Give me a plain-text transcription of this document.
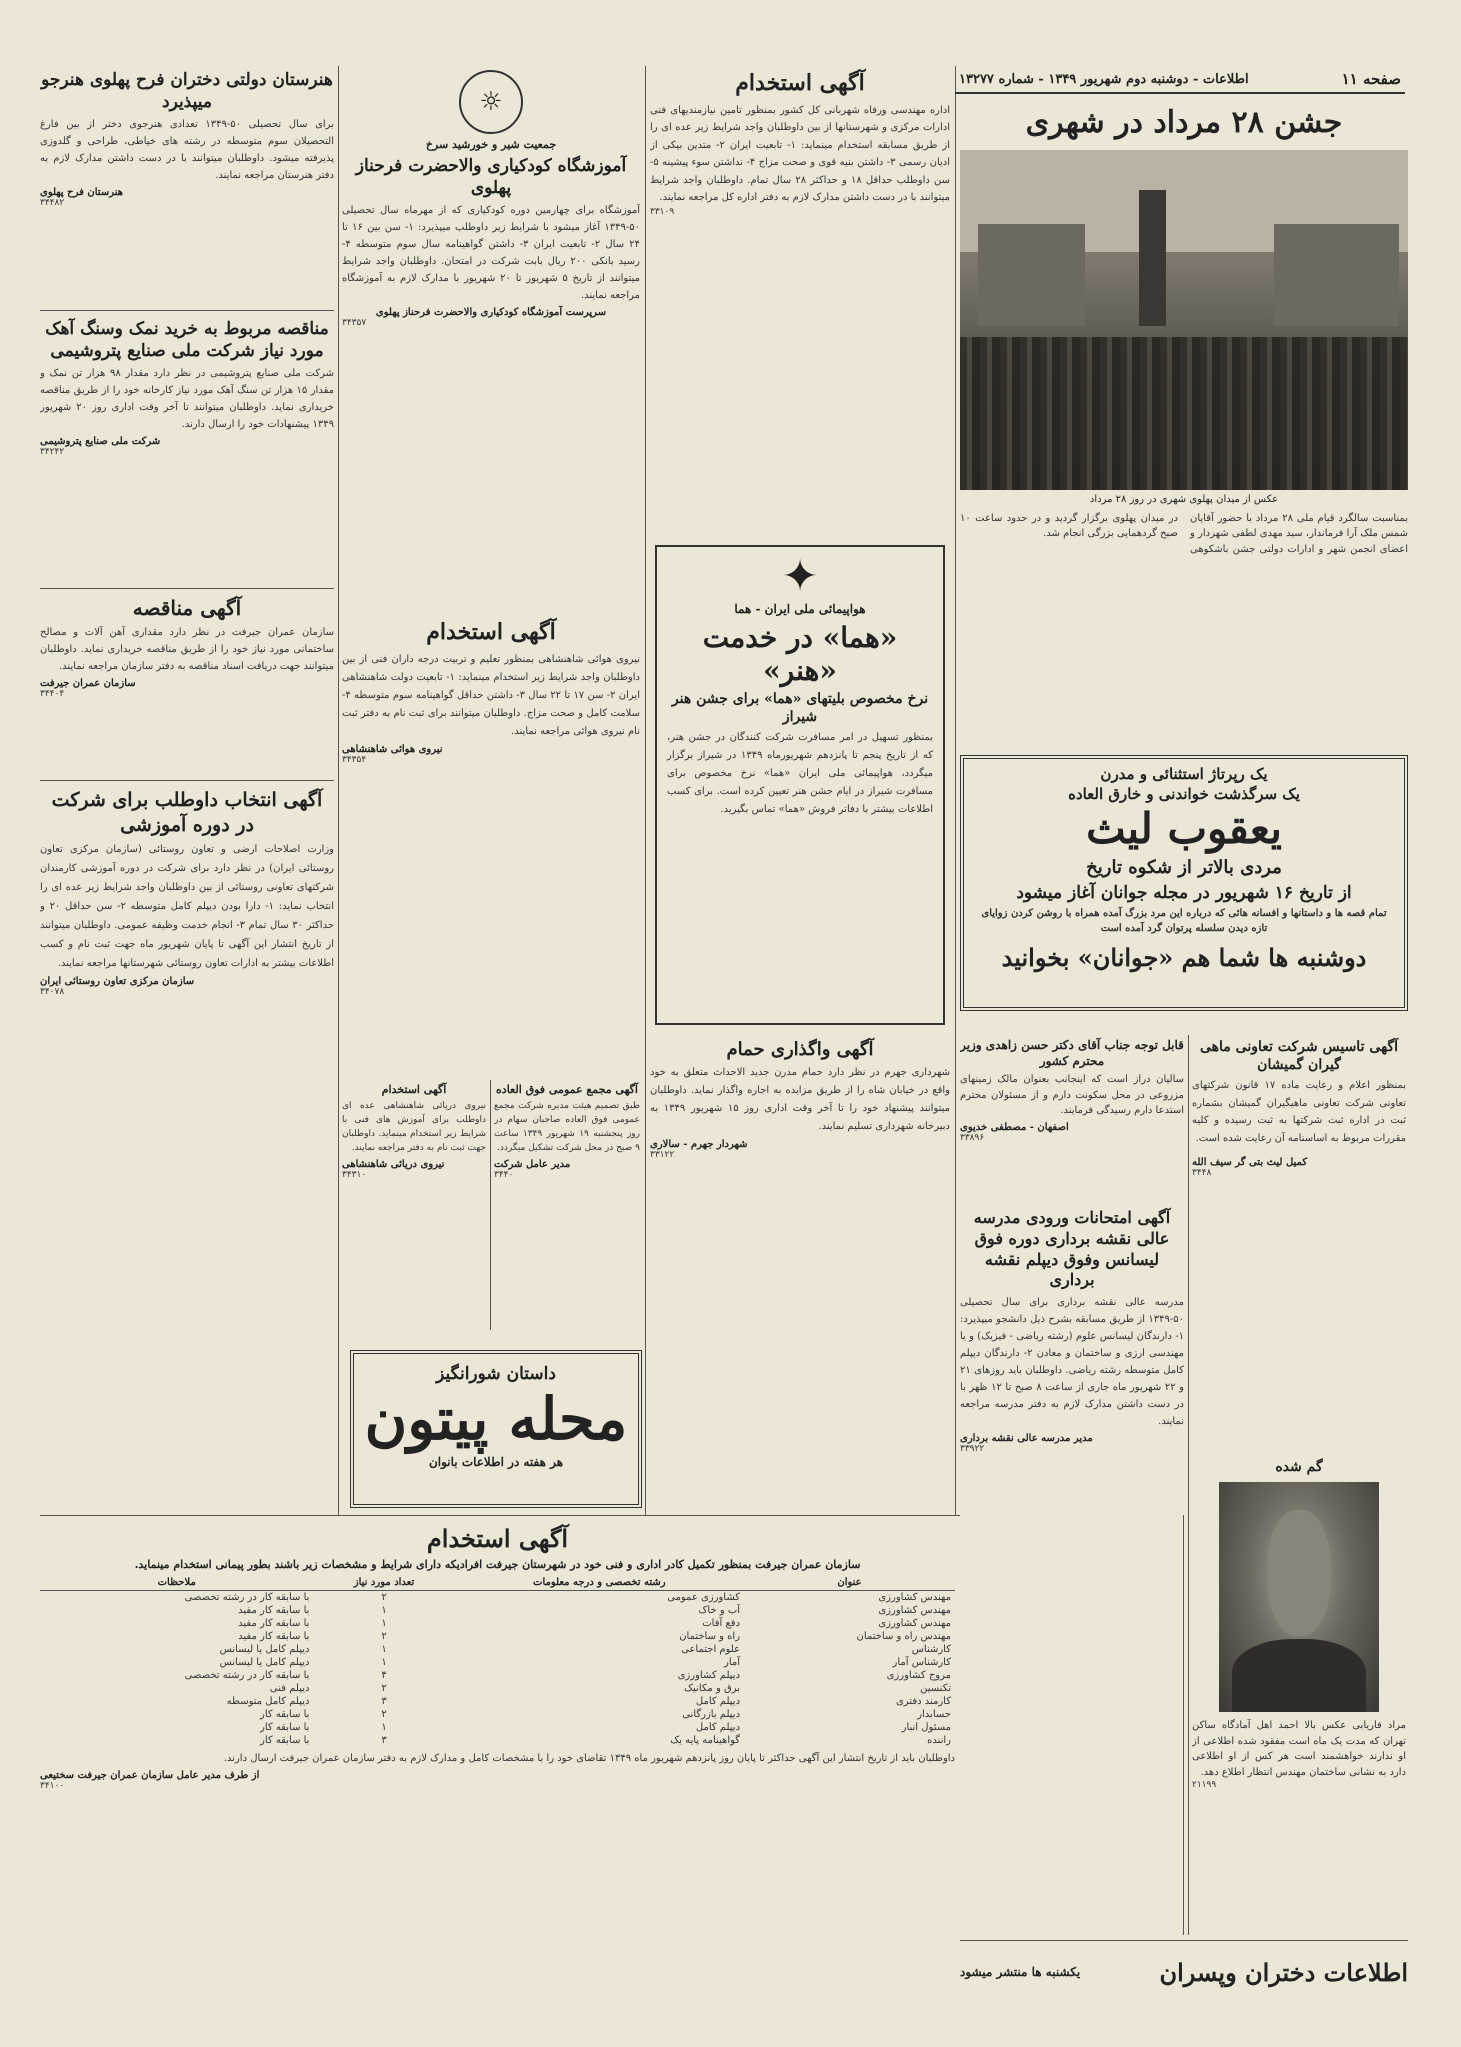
صفحه ۱۱
اطلاعات - دوشنبه دوم شهریور ۱۳۴۹ - شماره ۱۳۲۷۷
جشن ۲۸ مرداد در شهری
عکس از میدان پهلوی شهری در روز ۲۸ مرداد
بمناسبت سالگرد قیام ملی ۲۸ مرداد با حضور آقایان شمس ملک آرا فرماندار، سید مهدی لطفی شهردار و اعضای انجمن شهر و ادارات دولتی جشن باشکوهی در میدان پهلوی برگزار گردید و در حدود ساعت ۱۰ صبح گردهمایی بزرگی انجام شد.
یک رپرتاژ استثنائی و مدرن
یک سرگذشت خواندنی و خارق العاده
یعقوب لیث
مردی بالاتر از شکوه تاریخ
از تاریخ ۱۶ شهریور در مجله جوانان آغاز میشود
تمام قصه ها و داستانها و افسانه هائی که درباره این مرد بزرگ آمده همراه با روشن کردن زوایای تازه دیدن سلسله پرتوان گرد آمده است
دوشنبه ها شما هم «جوانان» بخوانید
آگهی تاسیس شرکت تعاونی ماهی گیران گمیشان
بمنظور اعلام و رعایت ماده ۱۷ قانون شرکتهای تعاونی شرکت تعاونی ماهیگیران گمیشان بشماره ثبت در اداره ثبت شرکتها به ثبت رسیده و کلیه مقررات مربوط به اساسنامه آن رعایت شده است.
کمیل لیث بتی گر سیف الله
۳۴۴۸
گم شده
مراد فاریابی عکس بالا احمد اهل آمادگاه ساکن تهران که مدت یک ماه است مفقود شده اطلاعی از او ندارند خواهشمند است هر کس از او اطلاعی دارد به نشانی ساختمان مهندس انتظار اطلاع دهد.
۲۱۱۹۹
قابل توجه جناب آقای دکتر حسن زاهدی وزیر محترم کشور
سالیان دراز است که اینجانب بعنوان مالک زمینهای مزروعی در محل سکونت دارم و از مسئولان محترم استدعا دارم رسیدگی فرمایند.
اصفهان - مصطفی خدیوی
۳۳۸۹۶
آگهی امتحانات ورودی مدرسه عالی نقشه برداری دوره فوق لیسانس وفوق دیپلم نقشه برداری
مدرسه عالی نقشه برداری برای سال تحصیلی ۵۰-۱۳۴۹ از طریق مسابقه بشرح ذیل دانشجو میپذیرد: ۱- دارندگان لیسانس علوم (رشته ریاضی - فیزیک) و یا مهندسی ارزی و ساختمان و معادن ۲- دارندگان دیپلم کامل متوسطه رشته ریاضی. داوطلبان باید روزهای ۲۱ و ۲۲ شهریور ماه جاری از ساعت ۸ صبح تا ۱۲ ظهر با در دست داشتن مدارک لازم به دفتر مدرسه مراجعه نمایند.
مدیر مدرسه عالی نقشه برداری
۳۳۹۲۲
آگهی استخدام
اداره مهندسی ورفاه شهربانی کل کشور بمنظور تامین نیازمندیهای فنی ادارات مرکزی و شهرستانها از بین داوطلبان واجد شرایط زیر عده ای را از طریق مسابقه استخدام مینماید: ۱- تابعیت ایران ۲- متدین بیکی از ادیان رسمی ۳- داشتن بنیه قوی و صحت مزاج ۴- نداشتن سوء پیشینه ۵- سن داوطلب حداقل ۱۸ و حداکثر ۲۸ سال تمام. داوطلبان واجد شرایط میتوانند با در دست داشتن مدارک لازم به دفتر اداره کل مراجعه نمایند.
۳۳۱۰۹
✦
هواپیمائی ملی ایران - هما
«هما» در خدمت «هنر»
نرخ مخصوص بلیتهای «هما» برای جشن هنر شیراز
بمنظور تسهیل در امر مسافرت شرکت کنندگان در جشن هنر، که از تاریخ پنجم تا پانزدهم شهریورماه ۱۳۴۹ در شیراز برگزار میگردد، هواپیمائی ملی ایران «هما» نرخ مخصوص برای مسافرت شیراز در ایام جشن هنر تعیین کرده است. برای کسب اطلاعات بیشتر با دفاتر فروش «هما» تماس بگیرید.
آگهی واگذاری حمام
شهرداری جهرم در نظر دارد حمام مدرن جدید الاحداث متعلق به خود واقع در خیابان شاه را از طریق مزایده به اجاره واگذار نماید. داوطلبان میتوانند پیشنهاد خود را تا آخر وقت اداری روز ۱۵ شهریور ۱۳۴۹ به دبیرخانه شهرداری تسلیم نمایند.
شهردار جهرم - سالاری
۳۳۱۲۲
☼
جمعیت شیر و خورشید سرخ
آموزشگاه کودکیاری والاحضرت فرحناز پهلوی
آموزشگاه برای چهارمین دوره کودکیاری که از مهرماه سال تحصیلی ۵۰-۱۳۴۹ آغاز میشود با شرایط زیر داوطلب میپذیرد: ۱- سن بین ۱۶ تا ۲۴ سال ۲- تابعیت ایران ۳- داشتن گواهینامه سال سوم متوسطه ۴- رسید بانکی ۲۰۰ ریال بابت شرکت در امتحان. داوطلبان واجد شرایط میتوانند از تاریخ ۵ شهریور تا ۲۰ شهریور با مدارک لازم به آموزشگاه مراجعه نمایند.
سرپرست آموزشگاه کودکیاری والاحضرت فرحناز پهلوی
۳۴۳۵۷
آگهی استخدام
نیروی هوائی شاهنشاهی بمنظور تعلیم و تربیت درجه داران فنی از بین داوطلبان واجد شرایط زیر استخدام مینماید: ۱- تابعیت دولت شاهنشاهی ایران ۲- سن ۱۷ تا ۲۲ سال ۳- داشتن حداقل گواهینامه سوم متوسطه ۴- سلامت کامل و صحت مزاج. داوطلبان میتوانند برای ثبت نام به دفتر ثبت نام نیروی هوائی مراجعه نمایند.
نیروی هوائی شاهنشاهی
۳۴۳۵۴
آگهی مجمع عمومی فوق العاده
طبق تصمیم هیئت مدیره شرکت مجمع عمومی فوق العاده صاحبان سهام در روز پنجشنبه ۱۹ شهریور ۱۳۴۹ ساعت ۹ صبح در محل شرکت تشکیل میگردد.
مدیر عامل شرکت
۳۴۴۰
آگهی استخدام
نیروی دریائی شاهنشاهی عده ای داوطلب برای آموزش های فنی با شرایط زیر استخدام مینماید. داوطلبان جهت ثبت نام به دفتر مراجعه نمایند.
نیروی دریائی شاهنشاهی
۳۴۳۱۰
داستان شورانگیز
محله پیتون
هر هفته در اطلاعات بانوان
هنرستان دولتی دختران فرح پهلوی هنرجو میپذیرد
برای سال تحصیلی ۵۰-۱۳۴۹ تعدادی هنرجوی دختر از بین فارغ التحصیلان سوم متوسطه در رشته های خیاطی، طراحی و گلدوزی پذیرفته میشود. داوطلبان میتوانند با در دست داشتن مدارک لازم به دفتر هنرستان مراجعه نمایند.
هنرستان فرح پهلوی
۳۴۴۸۲
مناقصه مربوط به خرید نمک وسنگ آهک مورد نیاز شرکت ملی صنایع پتروشیمی
شرکت ملی صنایع پتروشیمی در نظر دارد مقدار ۹۸ هزار تن نمک و مقدار ۱۵ هزار تن سنگ آهک مورد نیاز کارخانه خود را از طریق مناقصه خریداری نماید. داوطلبان میتوانند تا آخر وقت اداری روز ۲۰ شهریور ۱۳۴۹ پیشنهادات خود را ارسال دارند.
شرکت ملی صنایع پتروشیمی
۳۴۲۴۲
آگهی مناقصه
سازمان عمران جیرفت در نظر دارد مقداری آهن آلات و مصالح ساختمانی مورد نیاز خود را از طریق مناقصه خریداری نماید. داوطلبان میتوانند جهت دریافت اسناد مناقصه به دفتر سازمان مراجعه نمایند.
سازمان عمران جیرفت
۳۴۴۰۴
آگهی انتخاب داوطلب برای شرکت در دوره آموزشی
وزارت اصلاحات ارضی و تعاون روستائی (سازمان مرکزی تعاون روستائی ایران) در نظر دارد برای شرکت در دوره آموزشی کارمندان شرکتهای تعاونی روستائی از بین داوطلبان واجد شرایط زیر عده ای را انتخاب نماید: ۱- دارا بودن دیپلم کامل متوسطه ۲- سن حداقل ۲۰ و حداکثر ۳۰ سال تمام ۳- انجام خدمت وظیفه عمومی. داوطلبان میتوانند از تاریخ انتشار این آگهی تا پایان شهریور ماه جهت ثبت نام و کسب اطلاعات بیشتر به ادارات تعاون روستائی شهرستانها مراجعه نمایند.
سازمان مرکزی تعاون روستائی ایران
۳۴۰۷۸
آگهی استخدام
سازمان عمران جیرفت بمنظور تکمیل کادر اداری و فنی خود در شهرستان جیرفت افرادیکه دارای شرایط و مشخصات زیر باشند بطور پیمانی استخدام مینماید.
عنوان	رشته تخصصی و درجه معلومات	تعداد مورد نیاز	ملاحظات
مهندس کشاورزی	کشاورزی عمومی	۲	با سابقه کار در رشته تخصصی
مهندس کشاورزی	آب و خاک	۱	با سابقه کار مفید
مهندس کشاورزی	دفع آفات	۱	با سابقه کار مفید
مهندس راه و ساختمان	راه و ساختمان	۲	با سابقه کار مفید
کارشناس	علوم اجتماعی	۱	دیپلم کامل یا لیسانس
کارشناس آمار	آمار	۱	دیپلم کامل یا لیسانس
مروج کشاورزی	دیپلم کشاورزی	۴	با سابقه کار در رشته تخصصی
تکنسین	برق و مکانیک	۲	دیپلم فنی
کارمند دفتری	دیپلم کامل	۳	دیپلم کامل متوسطه
حسابدار	دیپلم بازرگانی	۲	با سابقه کار
مسئول انبار	دیپلم کامل	۱	با سابقه کار
راننده	گواهینامه پایه یک	۳	با سابقه کار
داوطلبان باید از تاریخ انتشار این آگهی حداکثر تا پایان روز پانزدهم شهریور ماه ۱۳۴۹ تقاضای خود را با مشخصات کامل و مدارک لازم به دفتر سازمان عمران جیرفت ارسال دارند.
از طرف مدیر عامل سازمان عمران جیرفت سختیعی
۳۴۱۰۰
اطلاعات دختران وپسران
یکشنبه ها منتشر میشود
